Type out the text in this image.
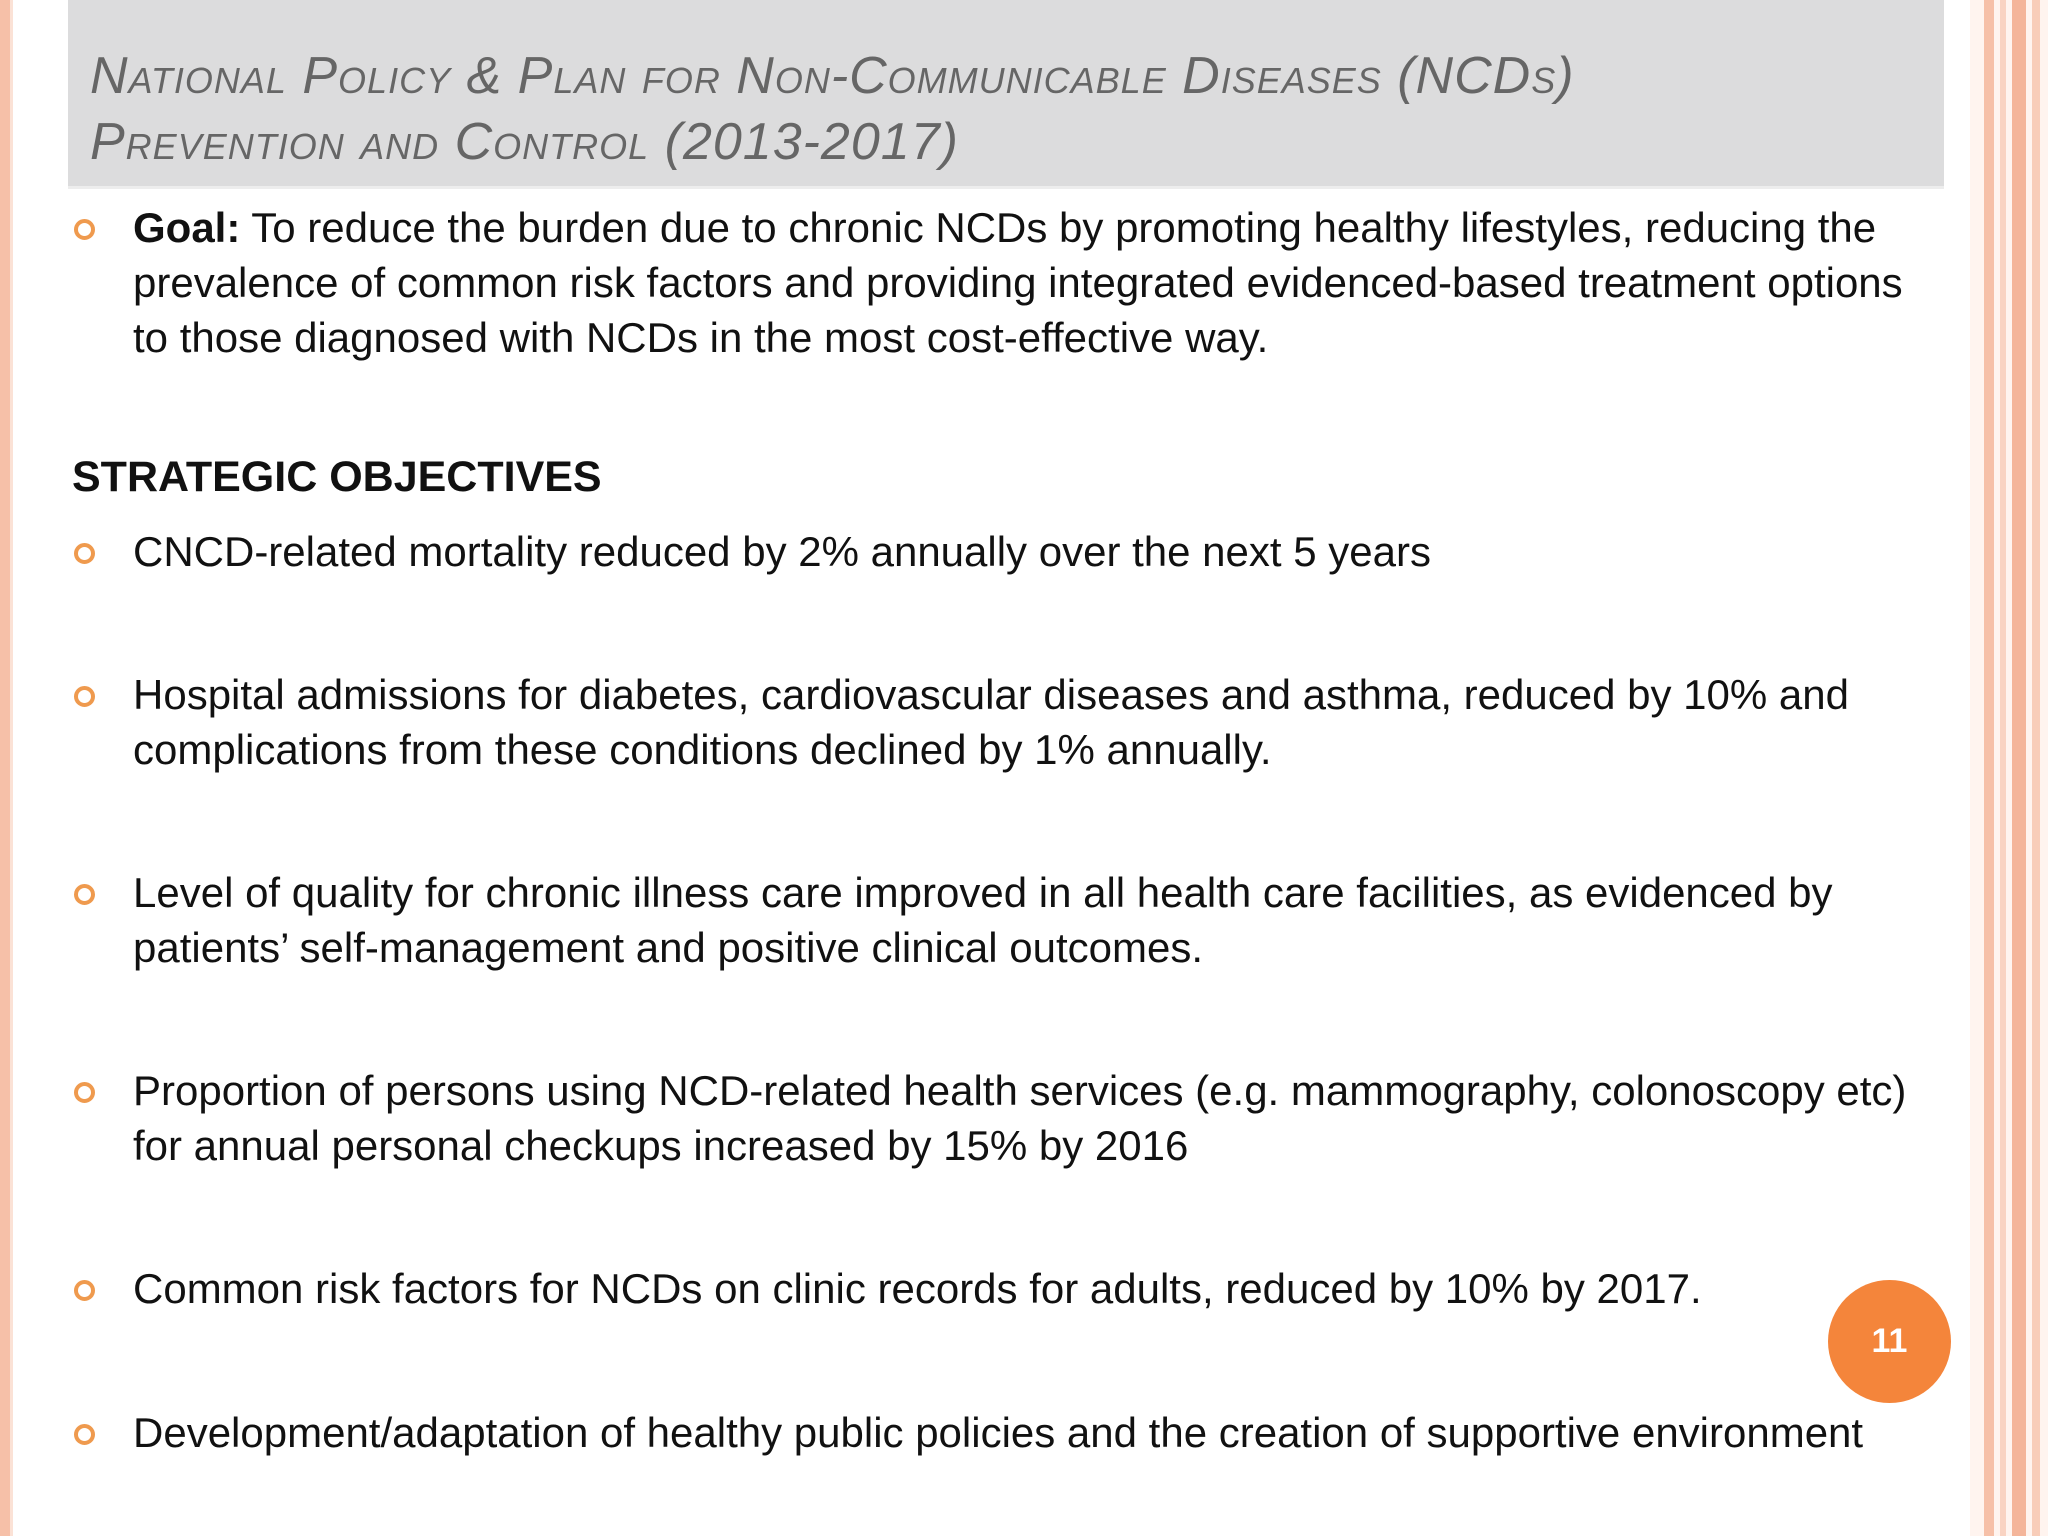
National Policy & Plan for Non-Communicable Diseases (NCDs)
Prevention and Control (2013-2017)
Goal: To reduce the burden due to chronic NCDs by promoting healthy lifestyles, reducing the prevalence of common risk factors and providing integrated evidenced-based treatment options to those diagnosed with NCDs in the most cost-effective way.
STRATEGIC OBJECTIVES
CNCD-related mortality reduced by 2% annually over the next 5 years
Hospital admissions for diabetes, cardiovascular diseases and asthma, reduced by 10% and complications from these conditions declined by 1% annually.
Level of quality for chronic illness care improved in all health care facilities, as evidenced by patients’ self-management and positive clinical outcomes.
Proportion of persons using NCD-related health services (e.g. mammography, colonoscopy etc) for annual personal checkups increased by 15% by 2016
Common risk factors for NCDs on clinic records for adults, reduced by 10% by 2017.
Development/adaptation of healthy public policies and the creation of supportive environment
11
